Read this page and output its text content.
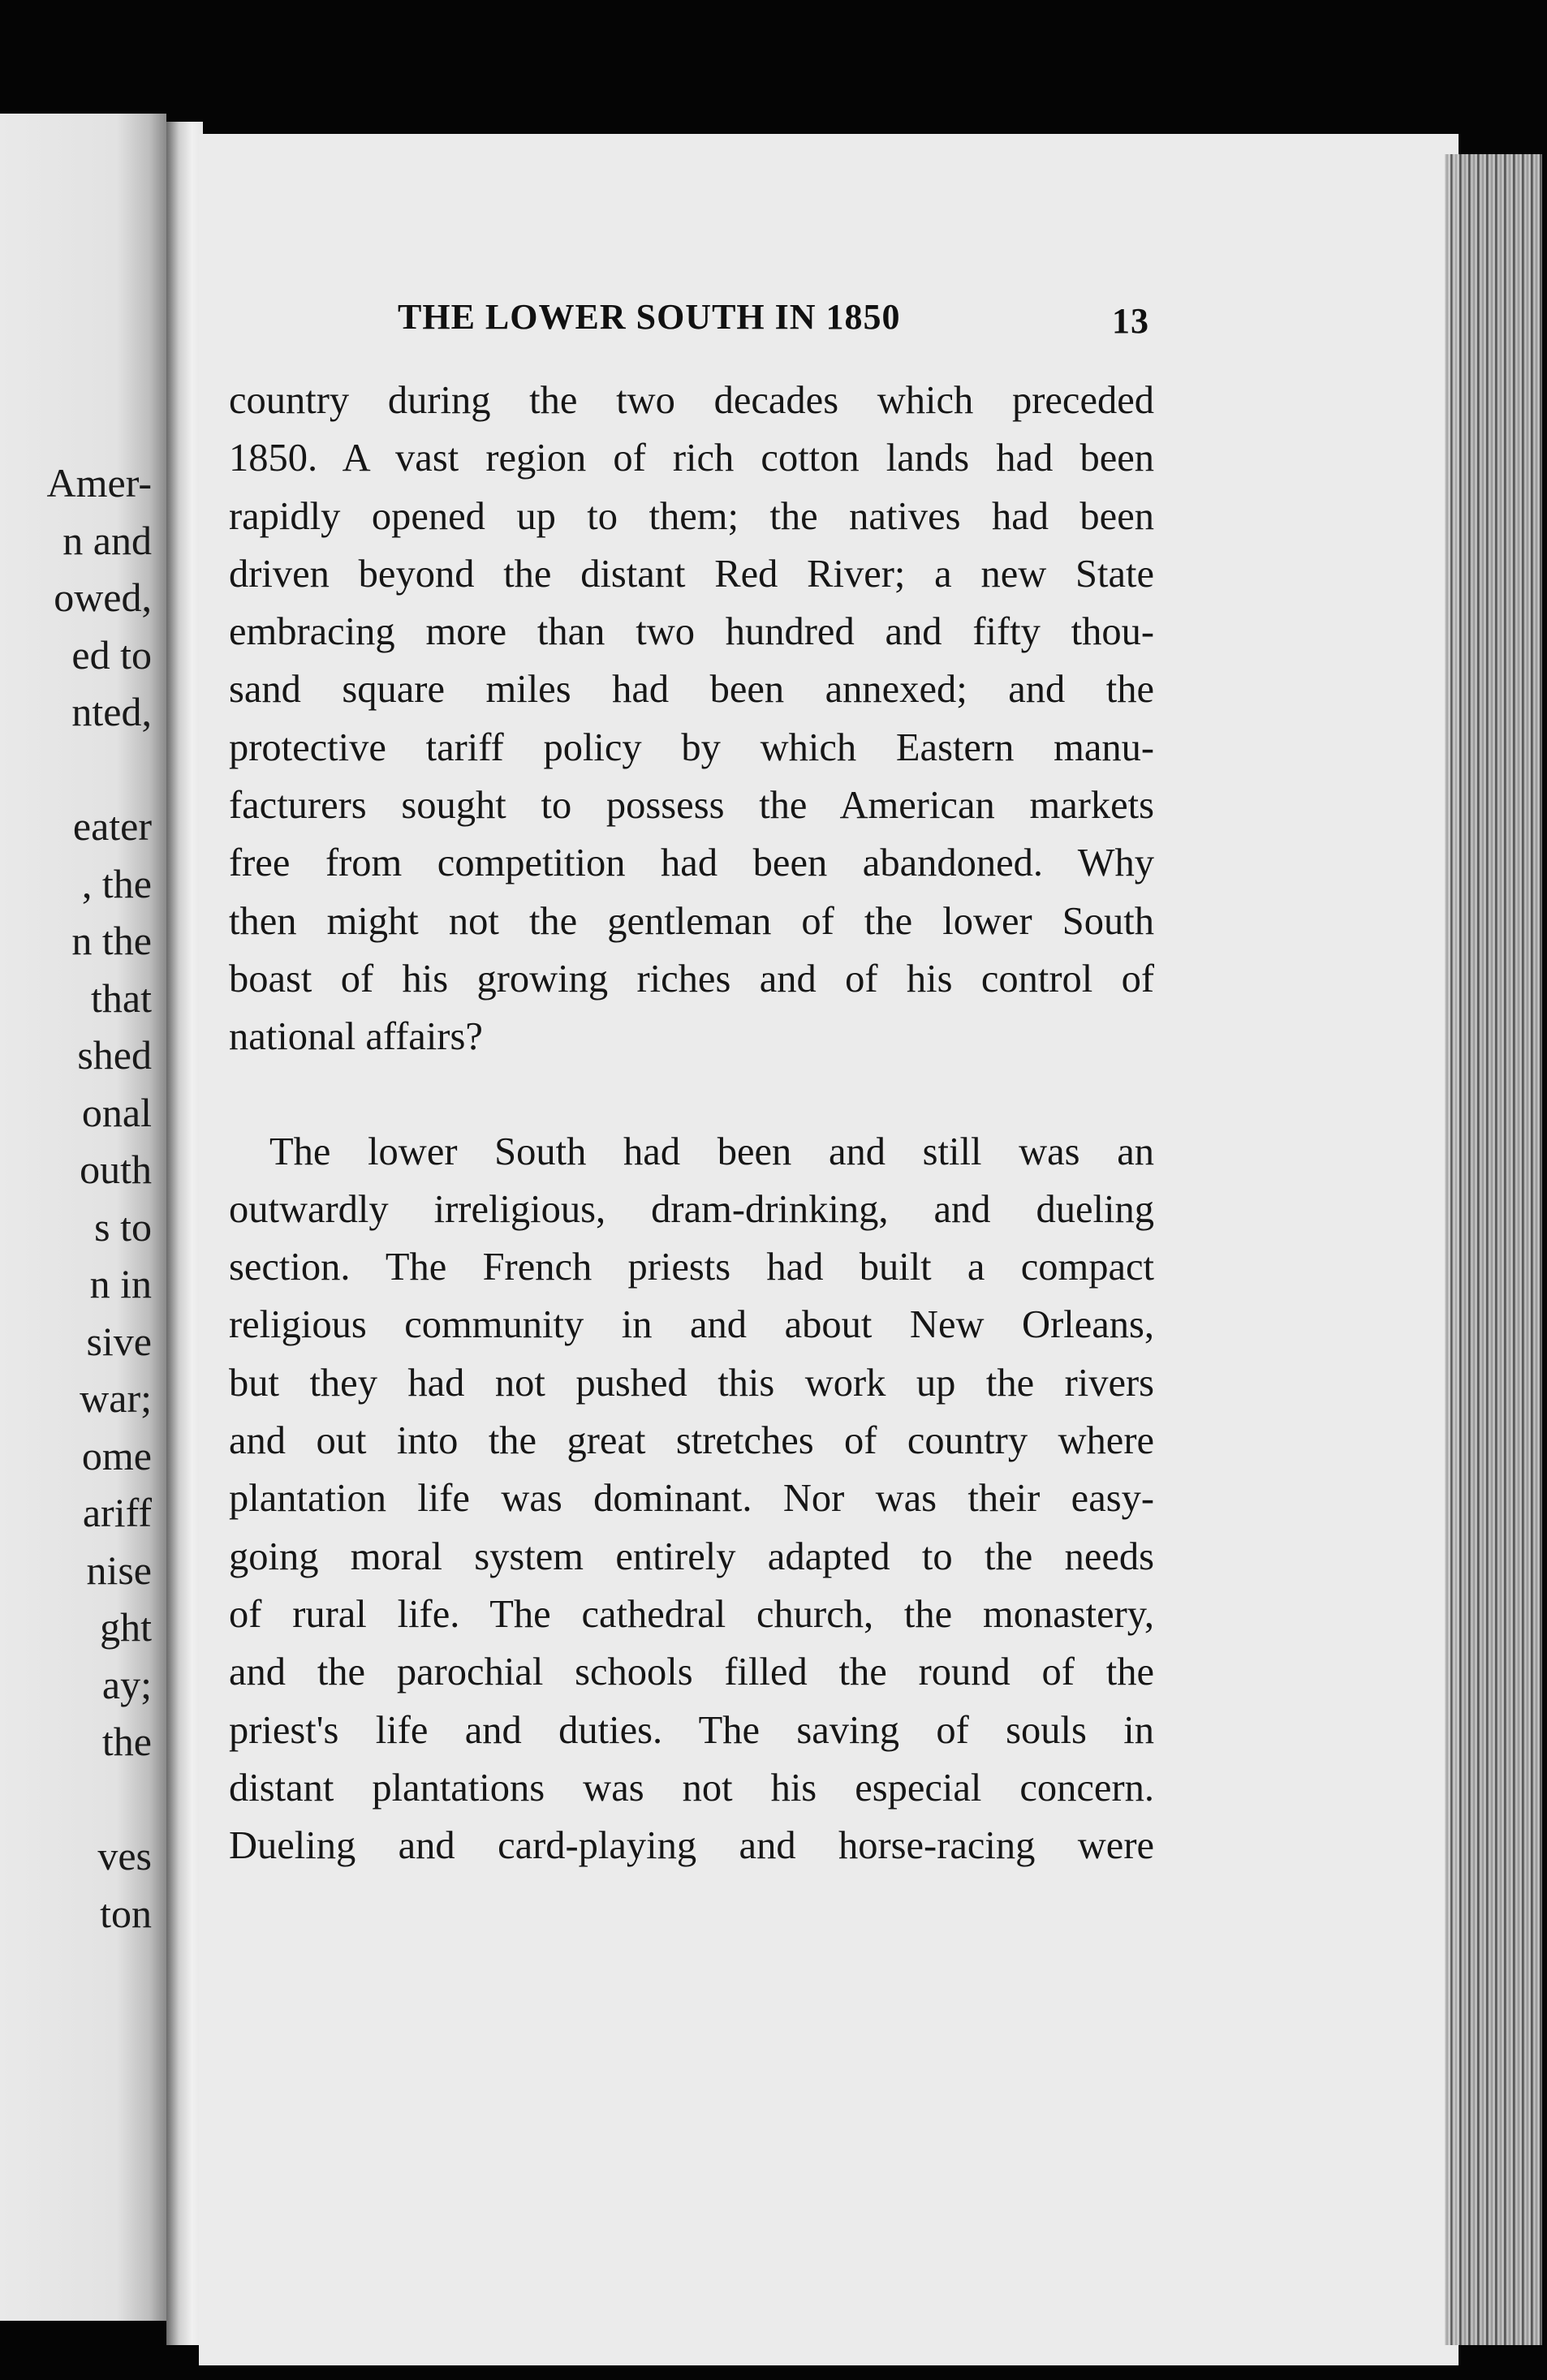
Amer-
n and
owed,
ed to
nted,
eater
, the
n the
that
shed
onal
outh
s to
n in
sive
war;
ome
ariff
nise
ght
ay;
the
ves
ton
THE LOWER SOUTH IN 1850	13
country during the two decades which preceded
1850. A vast region of rich cotton lands had been
rapidly opened up to them; the natives had been
driven beyond the distant Red River; a new State
embracing more than two hundred and fifty thou-
sand square miles had been annexed; and the
protective tariff policy by which Eastern manu-
facturers sought to possess the American markets
free from competition had been abandoned. Why
then might not the gentleman of the lower South
boast of his growing riches and of his control of
national affairs?
The lower South had been and still was an
outwardly irreligious, dram-drinking, and dueling
section. The French priests had built a compact
religious community in and about New Orleans,
but they had not pushed this work up the rivers
and out into the great stretches of country where
plantation life was dominant. Nor was their easy-
going moral system entirely adapted to the needs
of rural life. The cathedral church, the monastery,
and the parochial schools filled the round of the
priest's life and duties. The saving of souls in
distant plantations was not his especial concern.
Dueling and card-playing and horse-racing were
